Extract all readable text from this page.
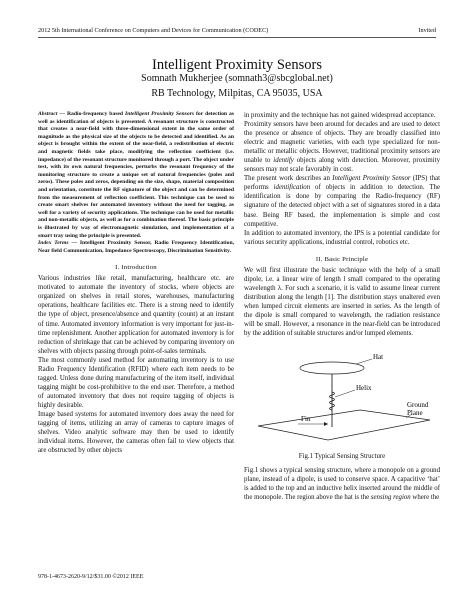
2012 5th International Conference on Computers and Devices for Communication (CODEC)	Invited
Intelligent Proximity Sensors
Somnath Mukherjee (somnath3@sbcglobal.net)
RB Technology, Milpitas, CA 95035, USA

Abstract — Radio-frequency based Intelligent Proximity Sensors for detection as well as identification of objects is presented. A resonant structure is constructed that creates a near-field with three-dimensional extent in the same order of magnitude as the physical size of the objects to be detected and identified. As an object is brought within the extent of the near-field, a redistribution of electric and magnetic fields take place, modifying the reflection coefficient (i.e. impedance) of the resonant structure monitored through a port. The object under test, with its own natural frequencies, perturbs the resonant frequency of the monitoring structure to create a unique set of natural frequencies (poles and zeros). These poles and zeros, depending on the size, shape, material composition and orientation, constitute the RF signature of the object and can be determined from the measurement of reflection coefficient. This technique can be used to create smart shelves for automated inventory without the need for tagging, as well for a variety of security applications. The technique can be used for metallic and non-metallic objects, as well as for a combination thereof. The basic principle is illustrated by way of electromagnetic simulation, and implementation of a smart tray using the principle is presented.

Index Terms — Intelligent Proximity Sensor, Radio Frequency Identification, Near field Communication, Impedance Spectroscopy, Discrimination Sensitivity.

I. Introduction

Various industries like retail, manufacturing, healthcare etc. are motivated to automate the inventory of stocks, where objects are organized on shelves in retail stores, warehouses, manufacturing operations, healthcare facilities etc. There is a strong need to identify the type of object, presence/absence and quantity (count) at an instant of time. Automated inventory information is very important for just-in-time replenishment. Another application for automated inventory is for reduction of shrinkage that can be achieved by comparing inventory on shelves with objects passing through point-of-sales terminals.

The most commonly used method for automating inventory is to use Radio Frequency Identification (RFID) where each item needs to be tagged. Unless done during manufacturing of the item itself, individual tagging might be cost-prohibitive to the end user. Therefore, a method of automated inventory that does not require tagging of objects is highly desirable.

Image based systems for automated inventory does away the need for tagging of items, utilizing an array of cameras to capture images of shelves. Video analytic software may then be used to identify individual items. However, the cameras often fail to view objects that are obstructed by other objects

in proximity and the technique has not gained widespread acceptance.

Proximity sensors have been around for decades and are used to detect the presence or absence of objects. They are broadly classified into electric and magnetic varieties, with each type specialized for non-metallic or metallic objects. However, traditional proximity sensors are unable to identify objects along with detection. Moreover, proximity sensors may not scale favorably in cost.

The present work describes an Intelligent Proximity Sensor (IPS) that performs identification of objects in addition to detection. The identification is done by comparing the Radio-frequency (RF) signature of the detected object with a set of signatures stored in a data base. Being RF based, the implementation is simple and cost competitive.

In addition to automated inventory, the IPS is a potential candidate for various security applications, industrial control, robotics etc.

II. Basic Principle

We will first illustrate the basic technique with the help of a small dipole, i.e. a linear wire of length l small compared to the operating wavelength λ. For such a scenario, it is valid to assume linear current distribution along the length [1]. The distribution stays unaltered even when lumped circuit elements are inserted in series. As the length of the dipole is small compared to wavelength, the radiation resistance will be small. However, a resonance in the near-field can be introduced by the addition of suitable structures and/or lumped elements.

Hat
Helix
Ground
Plane
Γin
Fig.1 Typical Sensing Structure

Fig.1 shows a typical sensing structure, where a monopole on a ground plane, instead of a dipole, is used to conserve space. A capacitive ‘hat’ is added to the top and an inductive helix inserted around the middle of the monopole. The region above the hat is the sensing region where the

978-1-4673-2620-9/12/$31.00 ©2012 IEEE
